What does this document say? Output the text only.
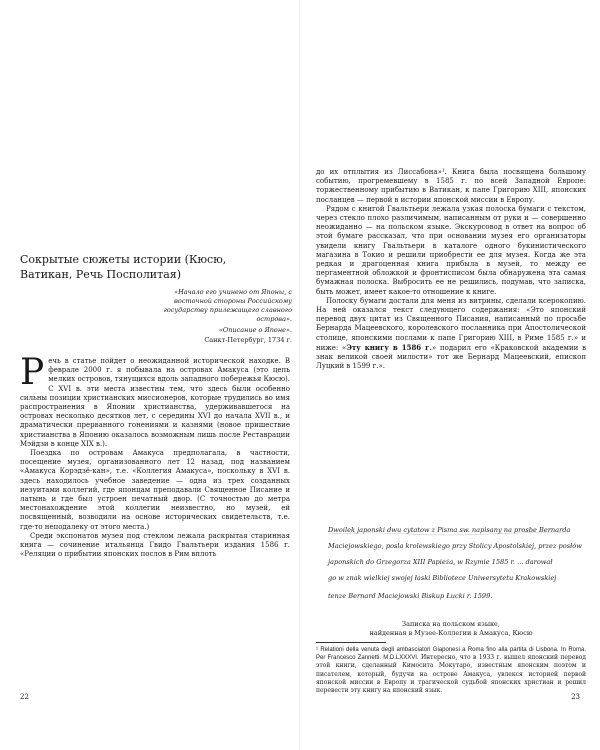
Сокрытые сюжеты истории (Кюсю, Ватикан, Речь Посполитая)
«Начало его учинено от Японы, с восточной стороны Российскому государству прилежащего славного острова».
«Описание о Японе».
Санкт-Петербург, 1734 г.

Речь в статье пойдет о неожиданной исторической находке. В феврале 2000 г. я побывала на островах Амакуса (это цепь мелких островов, тянущихся вдоль западного побережья Кюсю). С XVI в. эти места известны тем, что здесь были особенно сильны позиции христианских миссионеров, которые трудились во имя распространения в Японии христианства, удерживавшегося на островах несколько десятков лет, с середины XVI до начала XVII в., и драматически прерванного гонениями и казнями (новое пришествие христианства в Японию оказалось возможным лишь после Реставрации Мэйдзи в конце XIX в.).

Поездка по островам Амакуса предполагала, в частности, посещение музея, организованного лет 12 назад, под названием «Амакуса Корэдзё-кан», т.е. «Коллегия Амакуса», поскольку в XVI в. здесь находилось учебное заведение — одна из трех созданных иезуитами коллегий, где японцам преподавали Священное Писание и латынь и где был устроен печатный двор. (С точностью до метра местонахождение этой коллегии неизвестно, но музей, ей посвященный, возводили на основе исторических свидетельств, т.е. где-то неподалеку от этого места.)

Среди экспонатов музея под стеклом лежала раскрытая старинная книга — сочинение итальянца Гвидо Гвальтьери издания 1586 г. «Реляции о прибытии японских послов в Рим вплоть

22

до их отплытия из Лиссабона»¹. Книга была посвящена большому событию, прогремевшему в 1585 г. по всей Западной Европе: торжественному прибытию в Ватикан, к папе Григорию XIII, японских посланцев — первой в истории японской миссии в Европу.

Рядом с книгой Гвальтьери лежала узкая полоска бумаги с текстом, через стекло плохо различимым, написанным от руки и — совершенно неожиданно — на польском языке. Экскурсовод в ответ на вопрос об этой бумаге рассказал, что при основании музея его организаторы увидели книгу Гвальтьери в каталоге одного букинистического магазина в Токио и решили приобрести ее для музея. Когда же эта редкая и драгоценная книга прибыла в музей, то между ее пергаментной обложкой и фронтисписом была обнаружена эта самая бумажная полоска. Выбросить ее не решились, подумав, что записка, быть может, имеет какое-то отношение к книге.

Полоску бумаги достали для меня из витрины, сделали ксерокопию. На ней оказался текст следующего содержания: «Это японский перевод двух цитат из Священного Писания, написанный по просьбе Бернарда Мацеевского, королевского посланника при Апостолической столице, японскими послами к папе Григорию XIII, в Риме 1585 г.» и ниже: «Эту книгу в 1586 г.» подарил его «Краковской академии в знак великой своей милости» тот же Бернард Мацеевский, епископ Луцкий в 1599 г.».

Dwoilek japonski dwu cytatow z Pisma sw. napisany na prosbe Bernarda
Maciejowskiego, posla krolewskiego przy Stolicy Apostolskiej, przez posłów
japonskich do Grzegorza XIII Papieża, w Rzymie 1585 r. ... darował
go w znak wielkiej swojej łaski Bibliotece Uniwersytetu Krakowskiej
tenze Bernard Maciejowski Biskup Łucki r. 1599.
Записка на польском языке,
найденная в Музее-Коллегии в Амакуса, Кюсю
¹ Relationi della venuta degli ambasciatori Giaponesi a Roma fino alla partita di Lisbona. In Roma. Per Francesco Zannetti. M.D.LXXXVI. Интересно, что в 1933 г. вышел японский перевод этой книги, сделанный Кимосита Мокутаро, известным японским поэтом и писателем, который, будучи на острове Амакуса, увлекся историей первой японской миссии в Европу и трагической судьбой японских христиан и решил перевести эту книгу на японский язык.
23
